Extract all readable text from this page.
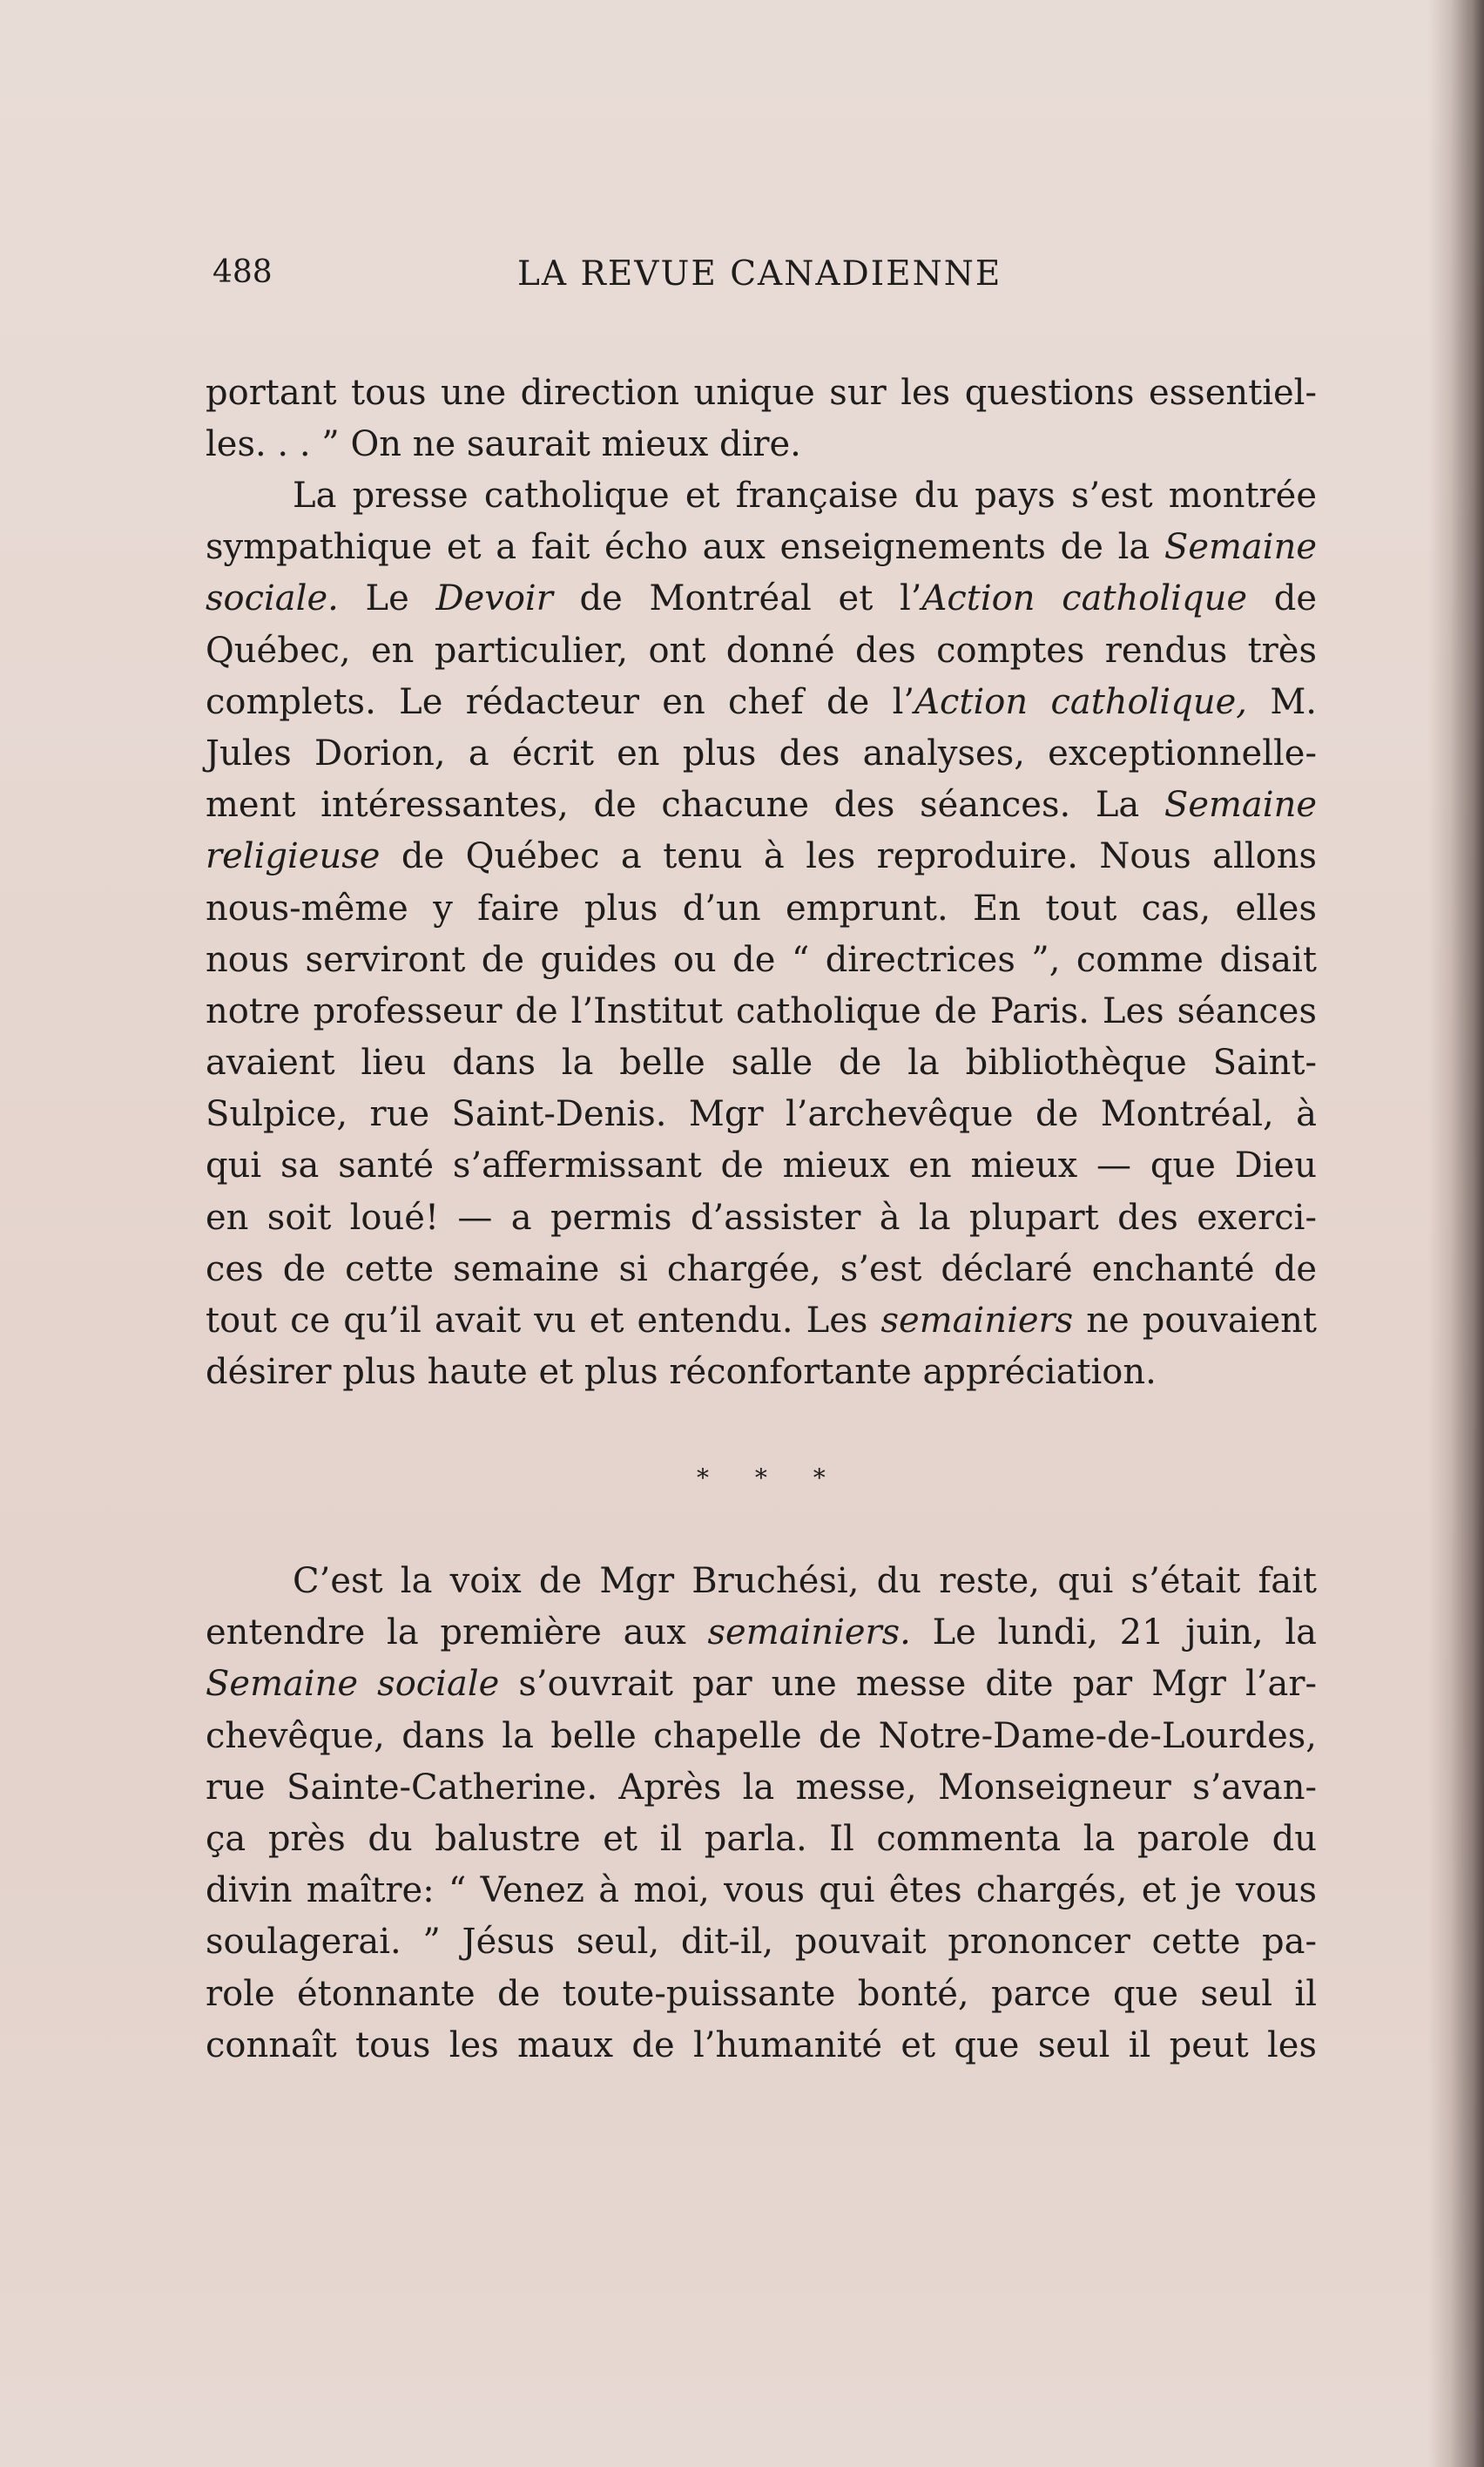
488	LA REVUE CANADIENNE
portant tous une direction unique sur les questions essentiel-
les. . . ” On ne saurait mieux dire.
La presse catholique et française du pays s’est montrée
sympathique et a fait écho aux enseignements de la Semaine
sociale. Le Devoir de Montréal et l’Action catholique de
Québec, en particulier, ont donné des comptes rendus très
complets. Le rédacteur en chef de l’Action catholique, M.
Jules Dorion, a écrit en plus des analyses, exceptionnelle-
ment intéressantes, de chacune des séances. La Semaine
religieuse de Québec a tenu à les reproduire. Nous allons
nous-même y faire plus d’un emprunt. En tout cas, elles
nous serviront de guides ou de “ directrices ”, comme disait
notre professeur de l’Institut catholique de Paris. Les séances
avaient lieu dans la belle salle de la bibliothèque Saint-
Sulpice, rue Saint-Denis. Mgr l’archevêque de Montréal, à
qui sa santé s’affermissant de mieux en mieux — que Dieu
en soit loué! — a permis d’assister à la plupart des exerci-
ces de cette semaine si chargée, s’est déclaré enchanté de
tout ce qu’il avait vu et entendu. Les semainiers ne pouvaient
désirer plus haute et plus réconfortante appréciation.
* * *
C’est la voix de Mgr Bruchési, du reste, qui s’était fait
entendre la première aux semainiers. Le lundi, 21 juin, la
Semaine sociale s’ouvrait par une messe dite par Mgr l’ar-
chevêque, dans la belle chapelle de Notre-Dame-de-Lourdes,
rue Sainte-Catherine. Après la messe, Monseigneur s’avan-
ça près du balustre et il parla. Il commenta la parole du
divin maître: “ Venez à moi, vous qui êtes chargés, et je vous
soulagerai. ” Jésus seul, dit-il, pouvait prononcer cette pa-
role étonnante de toute-puissante bonté, parce que seul il
connaît tous les maux de l’humanité et que seul il peut les
